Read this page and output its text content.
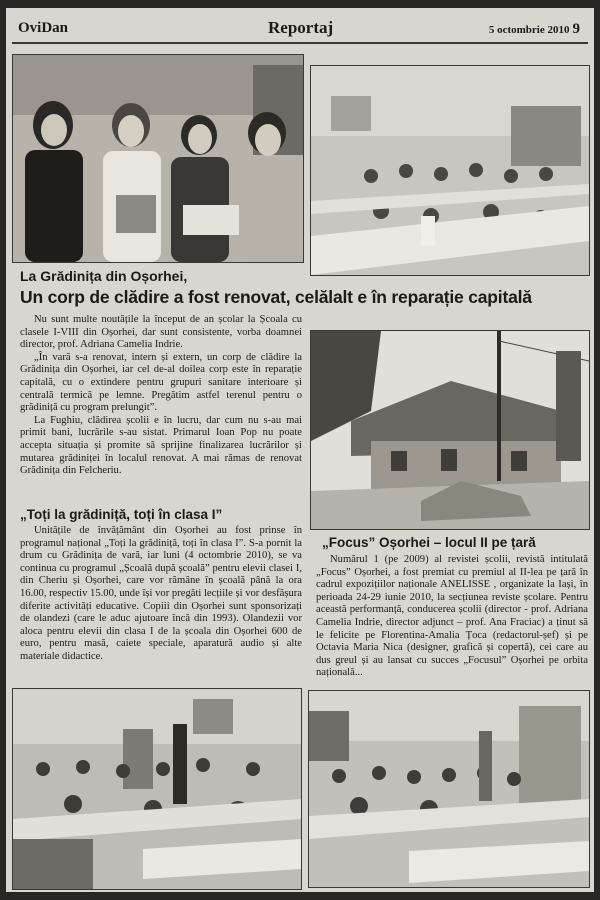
OviDan	Reportaj	5 octombrie 2010 9
La Grădinița din Oșorhei,
Un corp de clădire a fost renovat, celălalt e în reparație capitală

Nu sunt multe noutățile la început de an școlar la Școala cu clasele I-VIII din Oșorhei, dar sunt consistente, vorba doamnei director, prof. Adriana Camelia Indrie.

„În vară s-a renovat, intern și extern, un corp de clădire la Grădinița din Oșorhei, iar cel de-al doilea corp este în reparație capitală, cu o extindere pentru grupuri sanitare interioare și centrală termică pe lemne. Pregătim astfel terenul pentru o grădiniță cu program prelungit”.

La Fughiu, clădirea școlii e în lucru, dar cum nu s-au mai primit bani, lucrările s-au sistat. Primarul Ioan Pop nu poate accepta situația și promite să sprijine finalizarea lucrărilor și mutarea grădiniței în localul renovat. A mai rămas de renovat Grădinița din Felcheriu.

„Toți la grădiniță, toți în clasa I”

Unitățile de învățământ din Oșorhei au fost prinse în programul național „Toți la grădiniță, toți în clasa I”. S-a pornit la drum cu Grădinița de vară, iar luni (4 octombrie 2010), se va continua cu programul „Școală după școală” pentru elevii clasei I, din Cheriu și Oșorhei, care vor rămâne în școală până la ora 16.00, respectiv 15.00, unde își vor pregăti lecțiile și vor desfășura diferite activități educative. Copiii din Oșorhei sunt sponsorizați de olandezi (care le aduc ajutoare încă din 1993). Olandezii vor aloca pentru elevii din clasa I de la școala din Oșorhei 600 de euro, pentru masă, caiete speciale, aparatură audio și alte materiale didactice.

„Focus” Oșorhei – locul II pe țară

Numărul 1 (pe 2009) al revistei școlii, revistă intitulată „Focus” Oșorhei, a fost premiat cu premiul al II-lea pe țară în cadrul expozițiilor naționale ANELISSE , organizate la Iași, în perioada 24-29 iunie 2010, la secțiunea reviste școlare. Pentru această performanță, conducerea școlii (director - prof. Adriana Camelia Indrie, director adjunct – prof. Ana Fraciac) a ținut să le felicite pe Florentina-Amalia Țoca (redactorul-șef) și pe Octavia Maria Nica (designer, grafică și copertă), cei care au dus greul și au lansat cu succes „Focusul” Oșorhei pe orbita națională...
